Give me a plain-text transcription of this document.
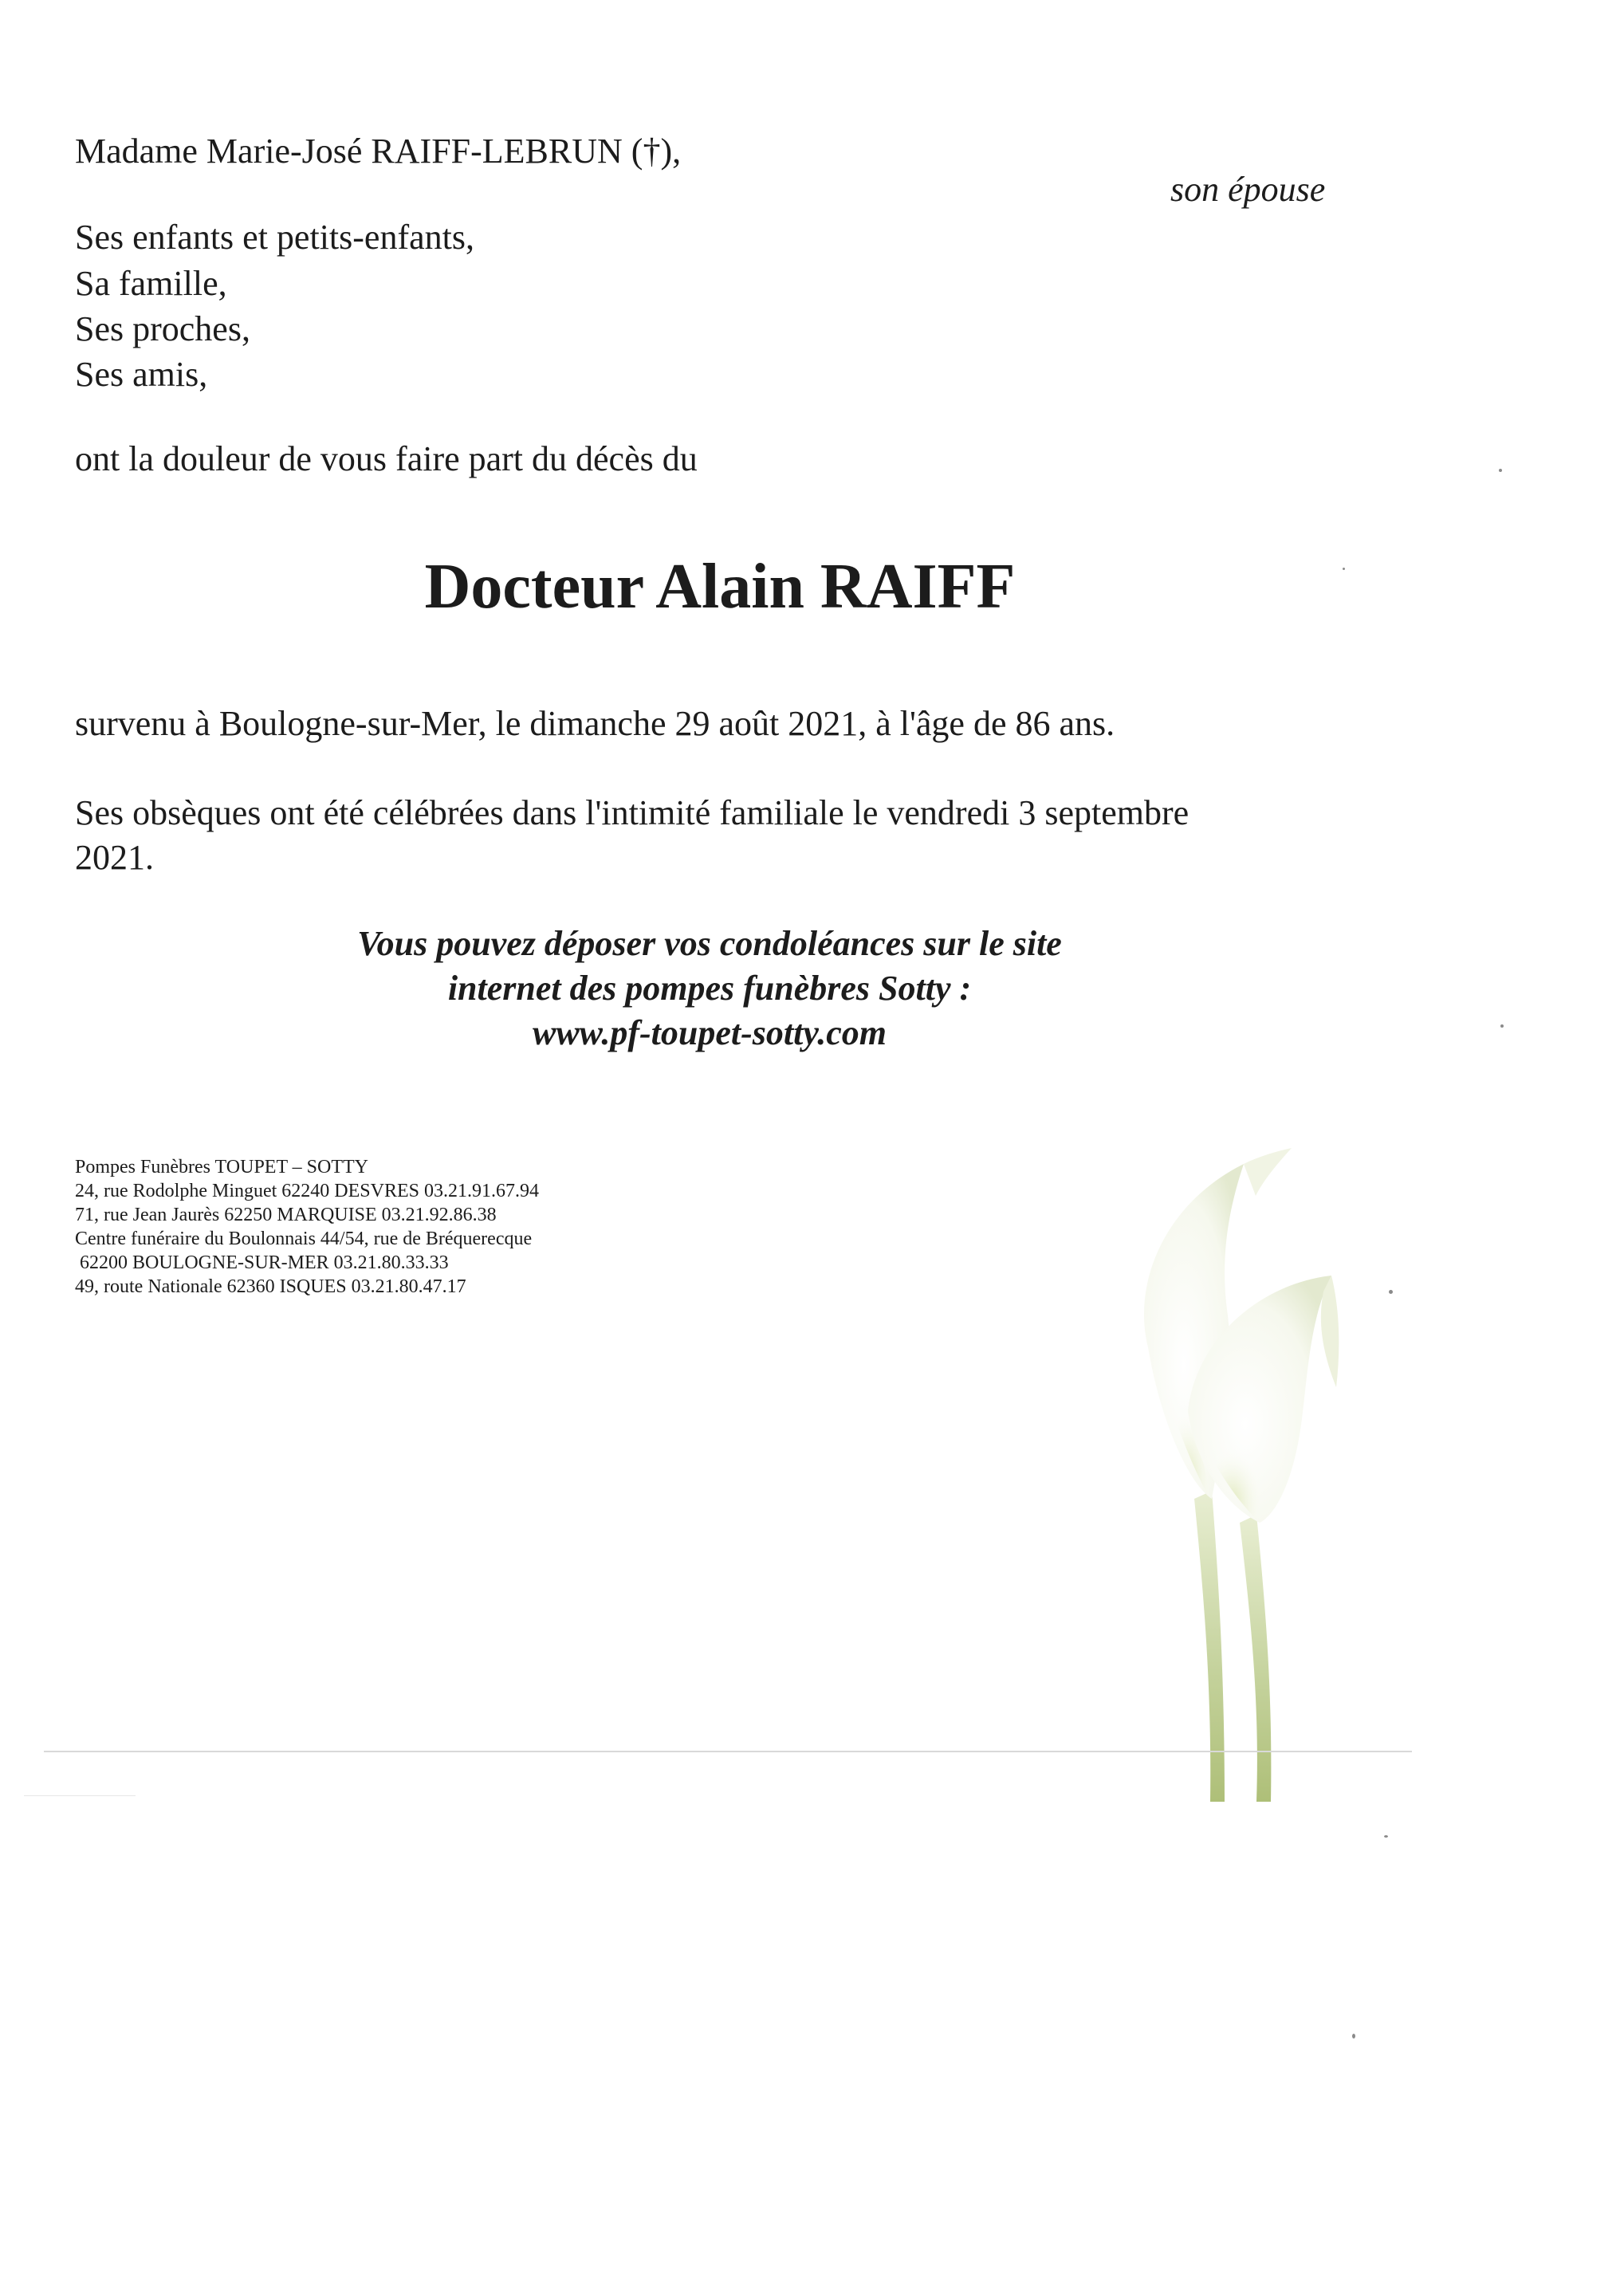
Madame Marie-José RAIFF-LEBRUN (†),
son épouse
Ses enfants et petits-enfants,
Sa famille,
Ses proches,
Ses amis,
ont la douleur de vous faire part du décès du
Docteur Alain RAIFF
survenu à Boulogne-sur-Mer, le dimanche 29 août 2021, à l'âge de 86 ans.
Ses obsèques ont été célébrées dans l'intimité familiale le vendredi 3 septembre
2021.
Vous pouvez déposer vos condoléances sur le site
internet des pompes funèbres Sotty :
www.pf-toupet-sotty.com
Pompes Funèbres TOUPET – SOTTY
24, rue Rodolphe Minguet 62240 DESVRES 03.21.91.67.94
71, rue Jean Jaurès 62250 MARQUISE 03.21.92.86.38
Centre funéraire du Boulonnais 44/54, rue de Bréquerecque
62200 BOULOGNE-SUR-MER 03.21.80.33.33
49, route Nationale 62360 ISQUES 03.21.80.47.17
